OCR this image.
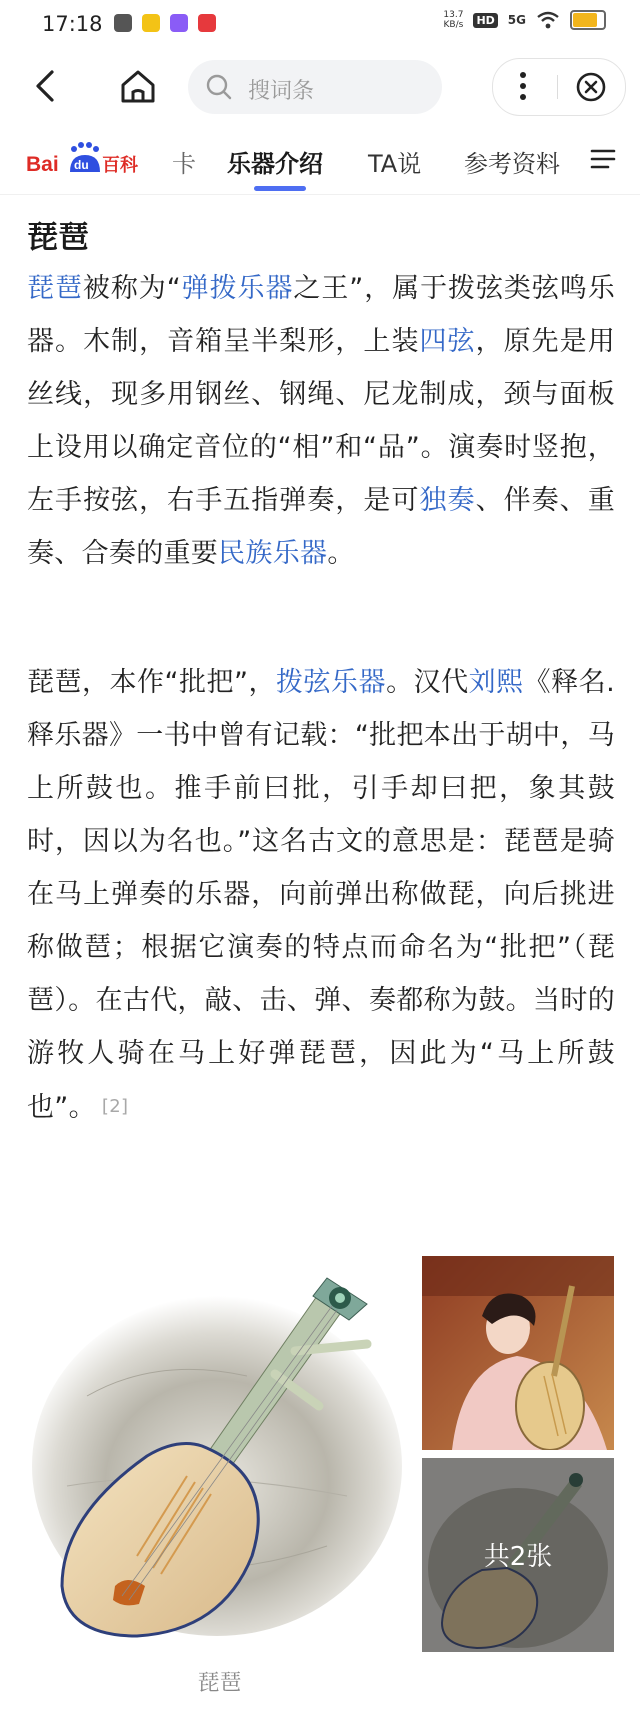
17:18	13.7
KB/s HD 5G
搜词条
Bai du 百科 卡 乐器介绍 TA说 参考资料
琵琶

琵琶被称为“弹拨乐器之王”，属于拨弦类弦鸣乐器。木制，音箱呈半梨形，上装四弦，原先是用丝线，现多用钢丝、钢绳、尼龙制成，颈与面板上设用以确定音位的“相”和“品”。演奏时竖抱，左手按弦，右手五指弹奏，是可独奏、伴奏、重奏、合奏的重要民族乐器。

琵琶，本作“批把”，拨弦乐器。汉代刘熙《释名.释乐器》一书中曾有记载：“批把本出于胡中，马上所鼓也。推手前曰批，引手却曰把，象其鼓时，因以为名也。”这名古文的意思是：琵琶是骑在马上弹奏的乐器，向前弹出称做琵，向后挑进称做琶；根据它演奏的特点而命名为“批把”（琵琶）。在古代，敲、击、弹、奏都称为鼓。当时的游牧人骑在马上好弹琵琶，因此为“马上所鼓也”。 [2]

共2张
琵琶
